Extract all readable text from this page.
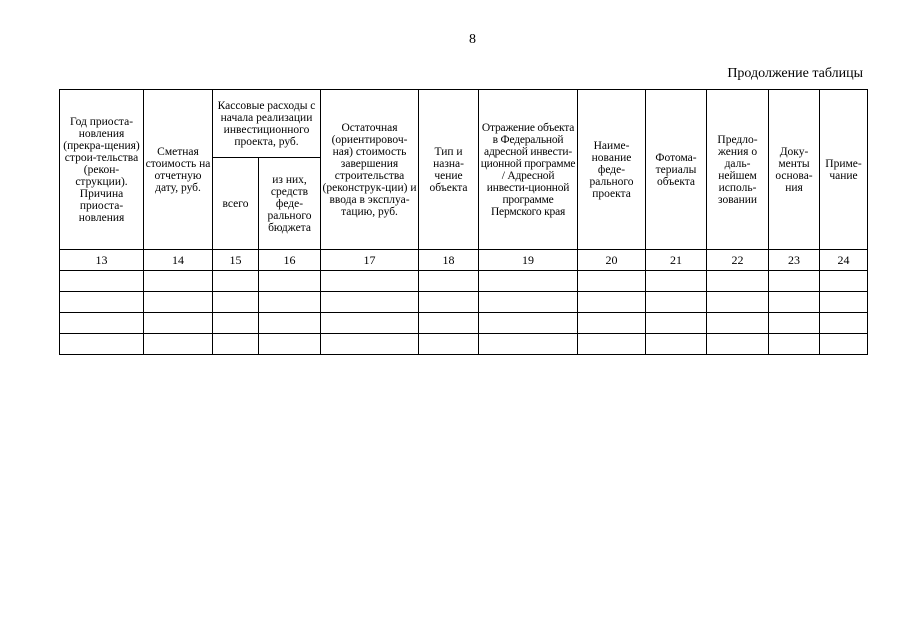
8
Продолжение таблицы
Год приоста-новления (прекра-щения) строи-тельства (рекон-струкции). Причина приоста-новления	Сметная стоимость на отчетную дату, руб.	Кассовые расходы с начала реализации инвестиционного проекта, руб.		Остаточная (ориентировоч-ная) стоимость завершения строительства (реконструк-ции) и ввода в эксплуа-тацию, руб.	Тип и назна-чение объекта	Отражение объекта в Федеральной адресной инвести-ционной программе / Адресной инвести-ционной программе Пермского края	Наиме-нование феде-рального проекта	Фотома-териалы объекта	Предло-жения о даль-нейшем исполь-зовании	Доку-менты основа-ния	Приме-чание
		всего	из них, средств феде-рального бюджета								
13	14	15	16	17	18	19	20	21	22	23	24
